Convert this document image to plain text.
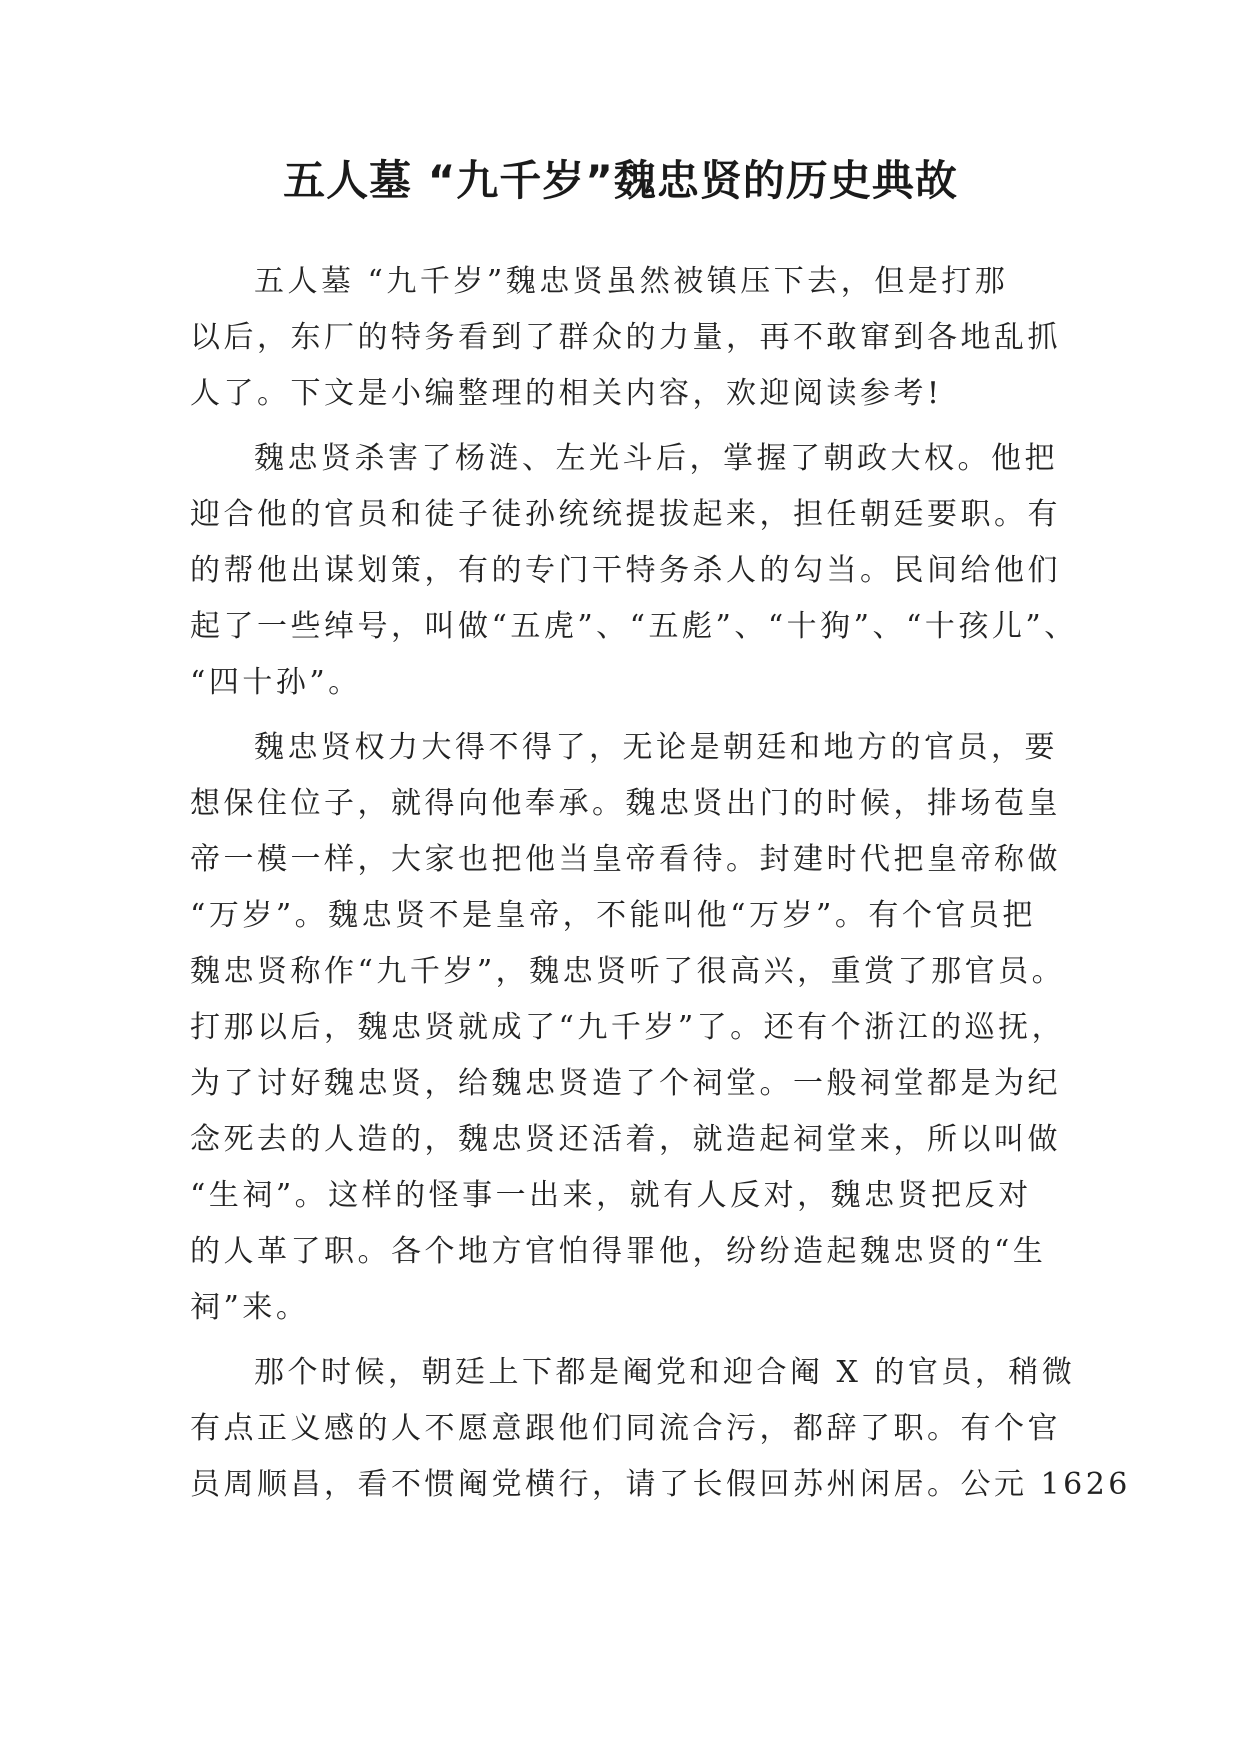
五人墓 “九千岁”魏忠贤的历史典故
五人墓 “九千岁”魏忠贤虽然被镇压下去，但是打那
以后，东厂的特务看到了群众的力量，再不敢窜到各地乱抓
人了。下文是小编整理的相关内容，欢迎阅读参考!
魏忠贤杀害了杨涟、左光斗后，掌握了朝政大权。他把
迎合他的官员和徒子徒孙统统提拔起来，担任朝廷要职。有
的帮他出谋划策，有的专门干特务杀人的勾当。民间给他们
起了一些绰号，叫做“五虎”、“五彪”、“十狗”、“十孩儿”、
“四十孙”。
魏忠贤权力大得不得了，无论是朝廷和地方的官员，要
想保住位子，就得向他奉承。魏忠贤出门的时候，排场苞皇
帝一模一样，大家也把他当皇帝看待。封建时代把皇帝称做
“万岁”。魏忠贤不是皇帝，不能叫他“万岁”。有个官员把
魏忠贤称作“九千岁”，魏忠贤听了很高兴，重赏了那官员。
打那以后，魏忠贤就成了“九千岁”了。还有个浙江的巡抚，
为了讨好魏忠贤，给魏忠贤造了个祠堂。一般祠堂都是为纪
念死去的人造的，魏忠贤还活着，就造起祠堂来，所以叫做
“生祠”。这样的怪事一出来，就有人反对，魏忠贤把反对
的人革了职。各个地方官怕得罪他，纷纷造起魏忠贤的“生
祠”来。
那个时候，朝廷上下都是阉党和迎合阉 X 的官员，稍微
有点正义感的人不愿意跟他们同流合污，都辞了职。有个官
员周顺昌，看不惯阉党横行，请了长假回苏州闲居。公元 1626
